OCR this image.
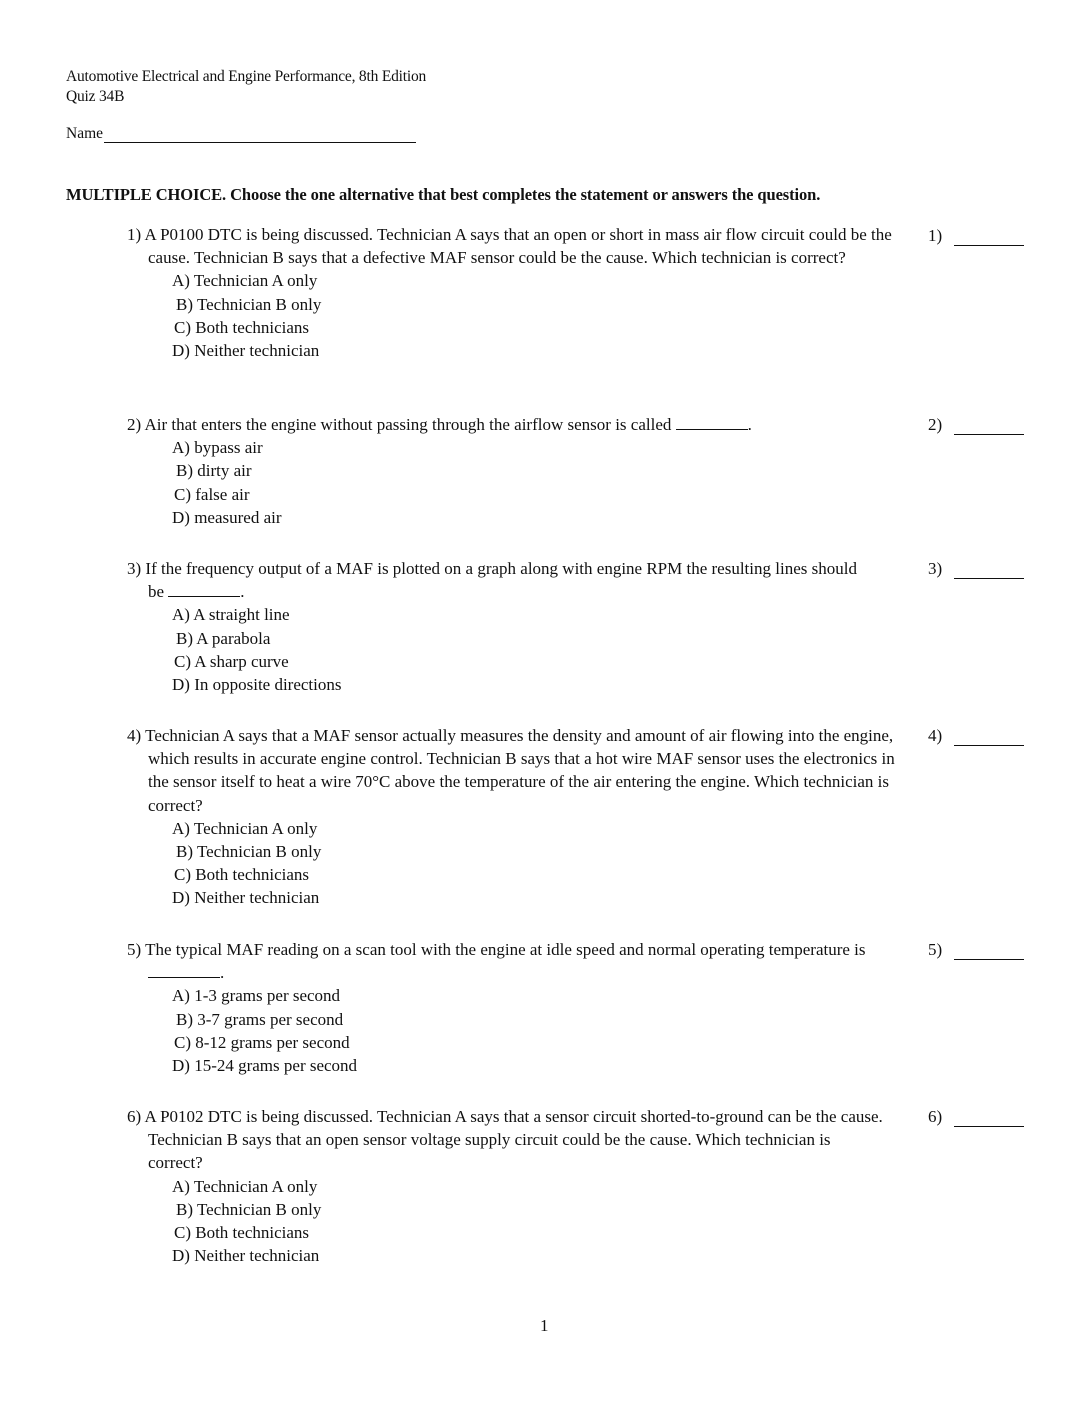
Automotive Electrical and Engine Performance, 8th Edition
Quiz 34B
Name
MULTIPLE CHOICE. Choose the one alternative that best completes the statement or answers the question.
1) A P0100 DTC is being discussed. Technician A says that an open or short in mass air flow circuit could be the cause. Technician B says that a defective MAF sensor could be the cause. Which technician is correct?
A) Technician A only
B) Technician B only
C) Both technicians
D) Neither technician
1)
2) Air that enters the engine without passing through the airflow sensor is called	.
A) bypass air
B) dirty air
C) false air
D) measured air
2)
3) If the frequency output of a MAF is plotted on a graph along with engine RPM the resulting lines should be	.
A) A straight line
B) A parabola
C) A sharp curve
D) In opposite directions
3)
4) Technician A says that a MAF sensor actually measures the density and amount of air flowing into the engine, which results in accurate engine control. Technician B says that a hot wire MAF sensor uses the electronics in the sensor itself to heat a wire 70°C above the temperature of the air entering the engine. Which technician is correct?
A) Technician A only
B) Technician B only
C) Both technicians
D) Neither technician
4)
5) The typical MAF reading on a scan tool with the engine at idle speed and normal operating temperature is .
A) 1-3 grams per second
B) 3-7 grams per second
C) 8-12 grams per second
D) 15-24 grams per second
5)
6) A P0102 DTC is being discussed. Technician A says that a sensor circuit shorted-to-ground can be the cause. Technician B says that an open sensor voltage supply circuit could be the cause. Which technician is correct?
A) Technician A only
B) Technician B only
C) Both technicians
D) Neither technician
6)
1
